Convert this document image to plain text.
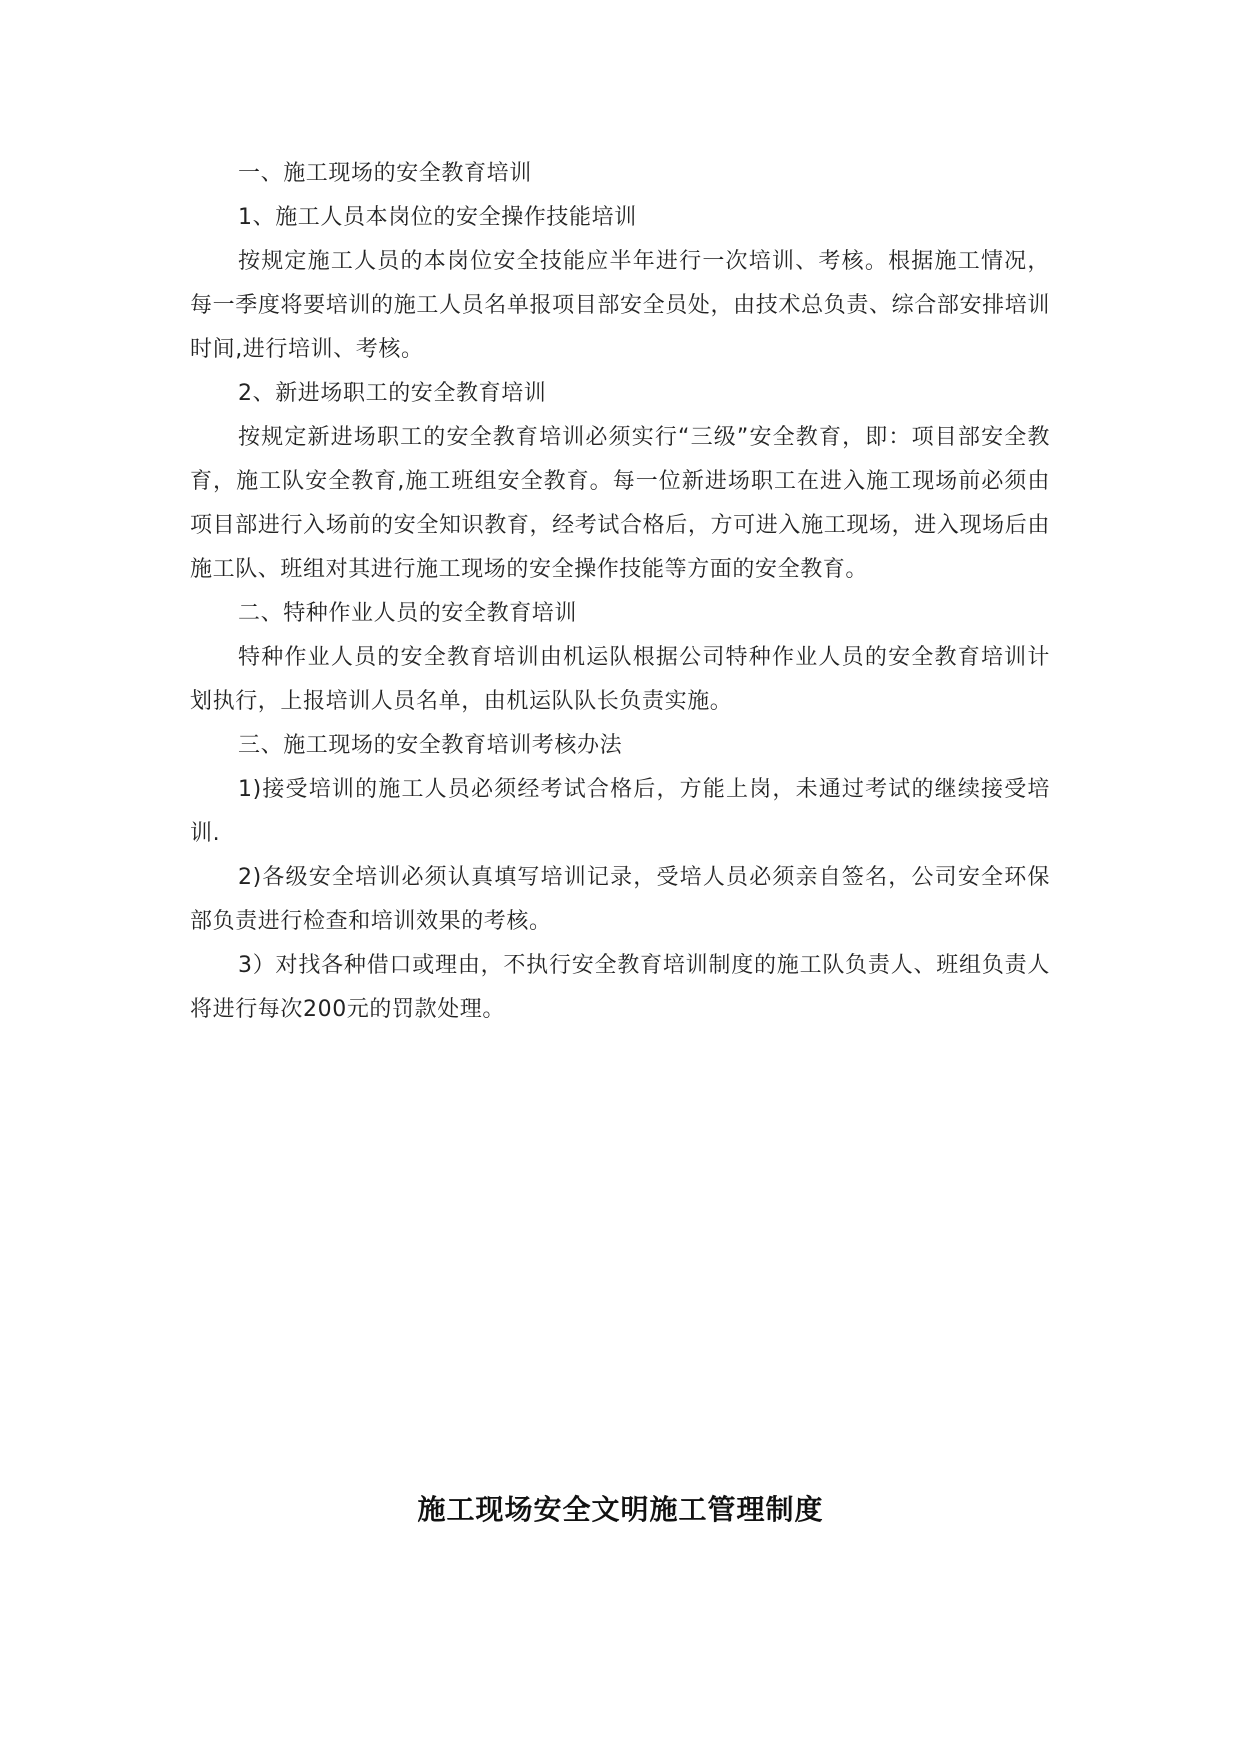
一、施工现场的安全教育培训

1、施工人员本岗位的安全操作技能培训

按规定施工人员的本岗位安全技能应半年进行一次培训、考核。根据施工情况，每一季度将要培训的施工人员名单报项目部安全员处，由技术总负责、综合部安排培训时间,进行培训、考核。

2、新进场职工的安全教育培训

按规定新进场职工的安全教育培训必须实行“三级”安全教育，即：项目部安全教育，施工队安全教育,施工班组安全教育。每一位新进场职工在进入施工现场前必须由项目部进行入场前的安全知识教育，经考试合格后，方可进入施工现场，进入现场后由施工队、班组对其进行施工现场的安全操作技能等方面的安全教育。

二、特种作业人员的安全教育培训

特种作业人员的安全教育培训由机运队根据公司特种作业人员的安全教育培训计划执行，上报培训人员名单，由机运队队长负责实施。

三、施工现场的安全教育培训考核办法

1)接受培训的施工人员必须经考试合格后，方能上岗，未通过考试的继续接受培训.

2)各级安全培训必须认真填写培训记录，受培人员必须亲自签名，公司安全环保部负责进行检查和培训效果的考核。

3）对找各种借口或理由，不执行安全教育培训制度的施工队负责人、班组负责人将进行每次200元的罚款处理。

施工现场安全文明施工管理制度
